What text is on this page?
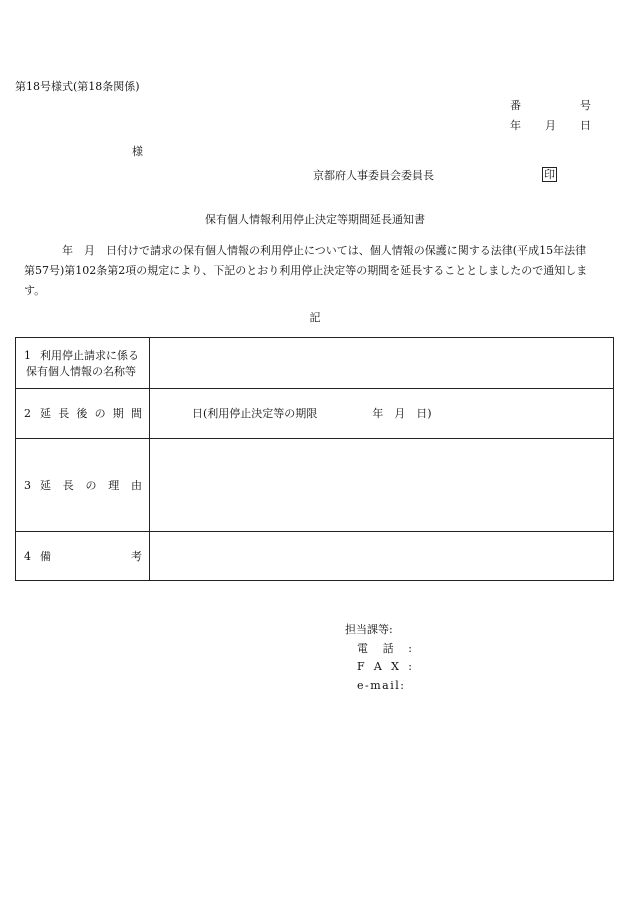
第18号様式(第18条関係)
番	号
年 月 日
様
京都府人事委員会委員長	印
保有個人情報利用停止決定等期間延長通知書
年　月　日付けで請求の保有個人情報の利用停止については、個人情報の保護に関する法律(平成15年法律
第57号)第102条第2項の規定により、下記のとおり利用停止決定等の期間を延長することとしましたので通知しま
す。
記
1 利用停止請求に係る
保有個人情報の名称等
2 延 長 後 の 期 間	日(利用停止決定等の期限　　　　　年　月　日)
3 延 長 の 理 由
4 備	考
担当課等:
電 話 :
F A X :
e-mail:
